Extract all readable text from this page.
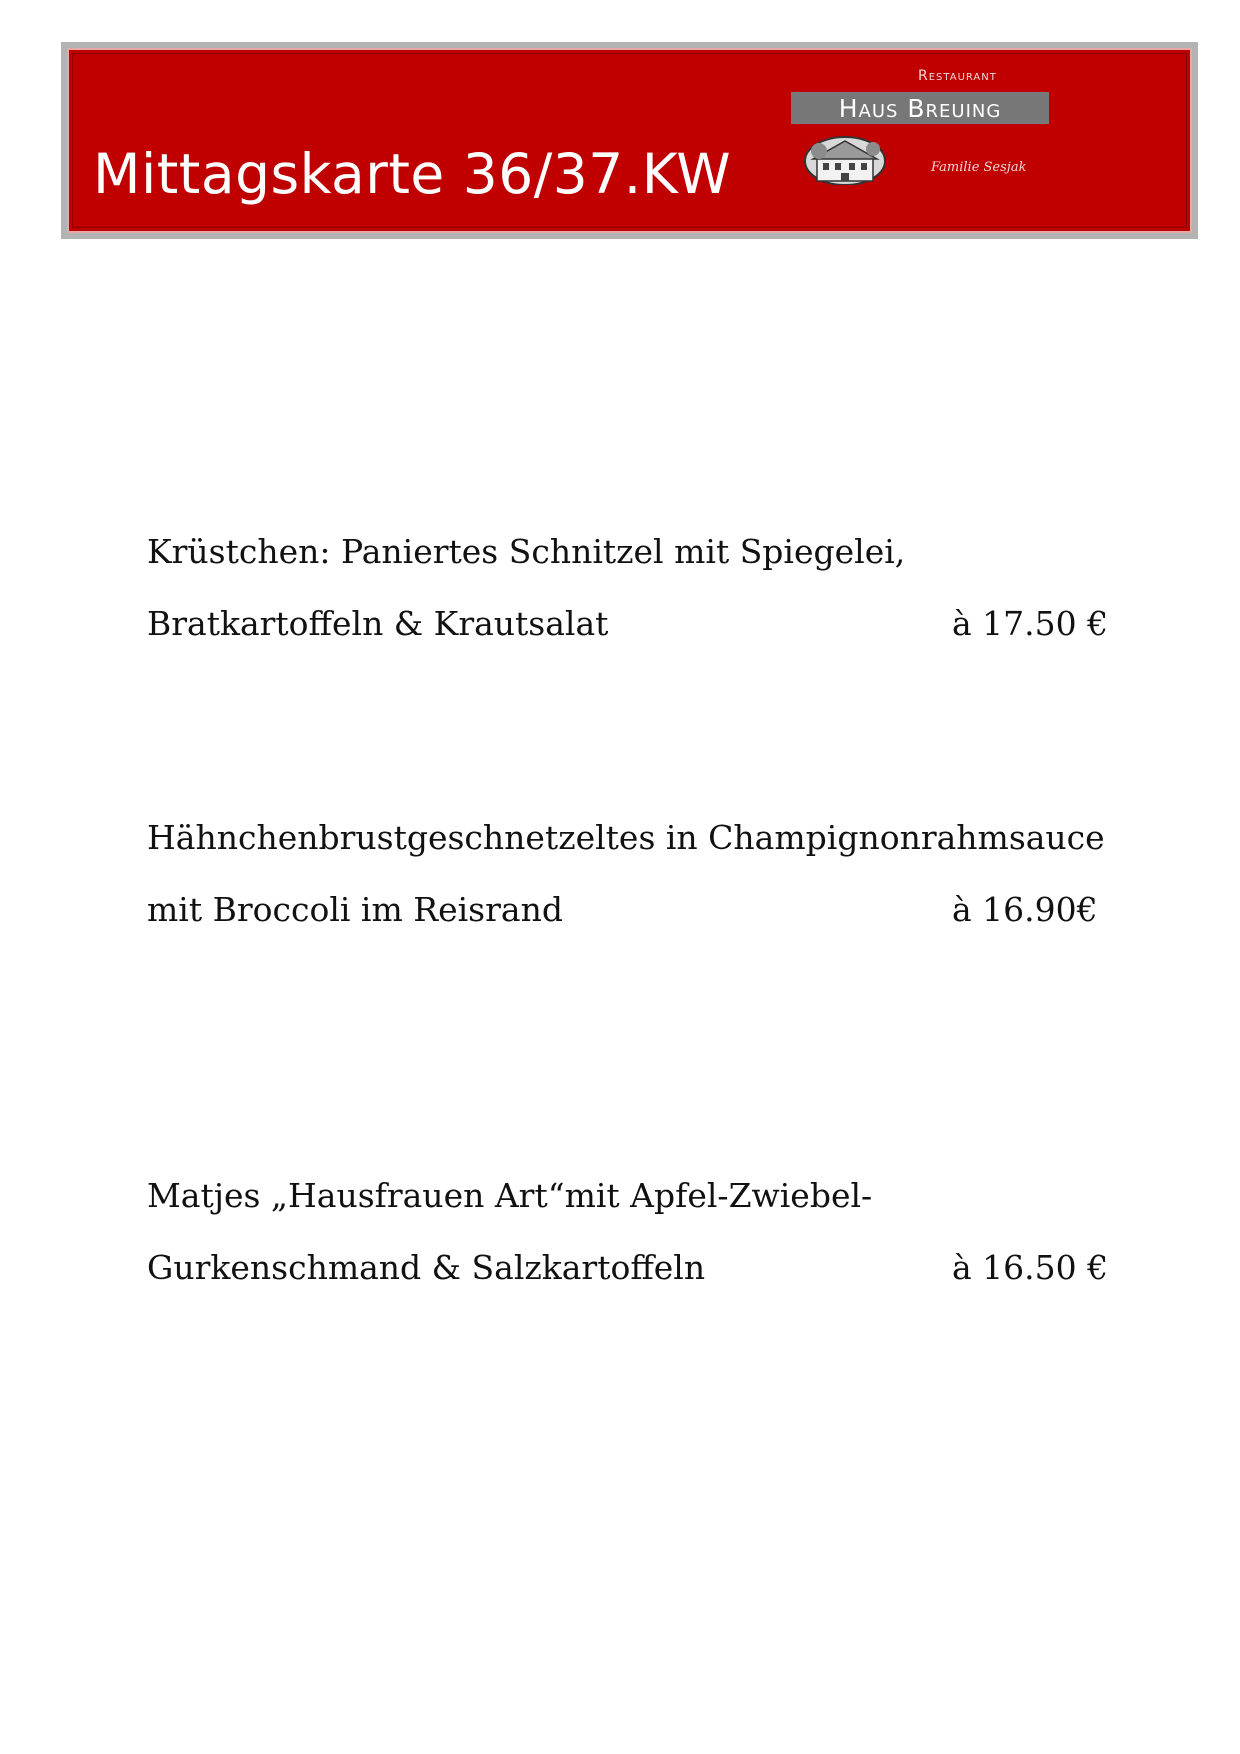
Mittagskarte 36/37.KW
Restaurant
Haus Breuing
Familie Sesjak
Krüstchen: Paniertes Schnitzel mit Spiegelei,
Bratkartoffeln & Krautsalat	à 17.50 €
Hähnchenbrustgeschnetzeltes in Champignonrahmsauce
mit Broccoli im Reisrand	à 16.90€
Matjes „Hausfrauen Art“mit Apfel-Zwiebel-
Gurkenschmand & Salzkartoffeln	à 16.50 €
